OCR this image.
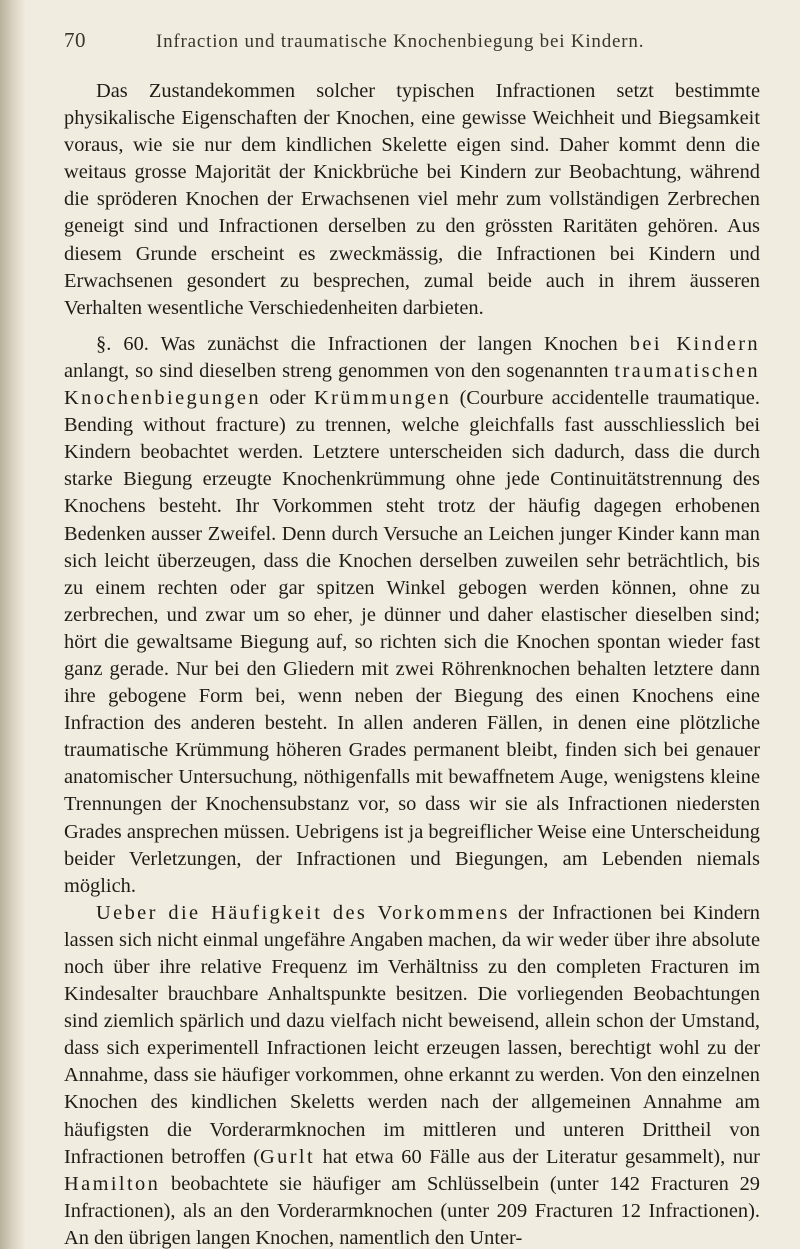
70	Infraction und traumatische Knochenbiegung bei Kindern.

Das Zustandekommen solcher typischen Infractionen setzt bestimmte physikalische Eigenschaften der Knochen, eine gewisse Weichheit und Biegsamkeit voraus, wie sie nur dem kindlichen Skelette eigen sind. Daher kommt denn die weitaus grosse Majorität der Knickbrüche bei Kindern zur Beobachtung, während die spröderen Knochen der Erwachsenen viel mehr zum vollständigen Zerbrechen geneigt sind und Infractionen derselben zu den grössten Raritäten gehören. Aus diesem Grunde erscheint es zweckmässig, die Infractionen bei Kindern und Erwachsenen gesondert zu besprechen, zumal beide auch in ihrem äusseren Verhalten wesentliche Verschiedenheiten darbieten.

§. 60. Was zunächst die Infractionen der langen Knochen bei Kindern anlangt, so sind dieselben streng genommen von den sogenannten traumatischen Knochenbiegungen oder Krümmungen (Courbure accidentelle traumatique. Bending without fracture) zu trennen, welche gleichfalls fast ausschliesslich bei Kindern beobachtet werden. Letztere unterscheiden sich dadurch, dass die durch starke Biegung erzeugte Knochenkrümmung ohne jede Continuitätstrennung des Knochens besteht. Ihr Vorkommen steht trotz der häufig dagegen erhobenen Bedenken ausser Zweifel. Denn durch Versuche an Leichen junger Kinder kann man sich leicht überzeugen, dass die Knochen derselben zuweilen sehr beträchtlich, bis zu einem rechten oder gar spitzen Winkel gebogen werden können, ohne zu zerbrechen, und zwar um so eher, je dünner und daher elastischer dieselben sind; hört die gewaltsame Biegung auf, so richten sich die Knochen spontan wieder fast ganz gerade. Nur bei den Gliedern mit zwei Röhrenknochen behalten letztere dann ihre gebogene Form bei, wenn neben der Biegung des einen Knochens eine Infraction des anderen besteht. In allen anderen Fällen, in denen eine plötzliche traumatische Krümmung höheren Grades permanent bleibt, finden sich bei genauer anatomischer Untersuchung, nöthigenfalls mit bewaffnetem Auge, wenigstens kleine Trennungen der Knochensubstanz vor, so dass wir sie als Infractionen niedersten Grades ansprechen müssen. Uebrigens ist ja begreiflicher Weise eine Unterscheidung beider Verletzungen, der Infractionen und Biegungen, am Lebenden niemals möglich.

Ueber die Häufigkeit des Vorkommens der Infractionen bei Kindern lassen sich nicht einmal ungefähre Angaben machen, da wir weder über ihre absolute noch über ihre relative Frequenz im Verhältniss zu den completen Fracturen im Kindesalter brauchbare Anhaltspunkte besitzen. Die vorliegenden Beobachtungen sind ziemlich spärlich und dazu vielfach nicht beweisend, allein schon der Umstand, dass sich experimentell Infractionen leicht erzeugen lassen, berechtigt wohl zu der Annahme, dass sie häufiger vorkommen, ohne erkannt zu werden. Von den einzelnen Knochen des kindlichen Skeletts werden nach der allgemeinen Annahme am häufigsten die Vorderarmknochen im mittleren und unteren Drittheil von Infractionen betroffen (Gurlt hat etwa 60 Fälle aus der Literatur gesammelt), nur Hamilton beobachtete sie häufiger am Schlüsselbein (unter 142 Fracturen 29 Infractionen), als an den Vorderarmknochen (unter 209 Fracturen 12 Infractionen). An den übrigen langen Knochen, namentlich den Unter-
